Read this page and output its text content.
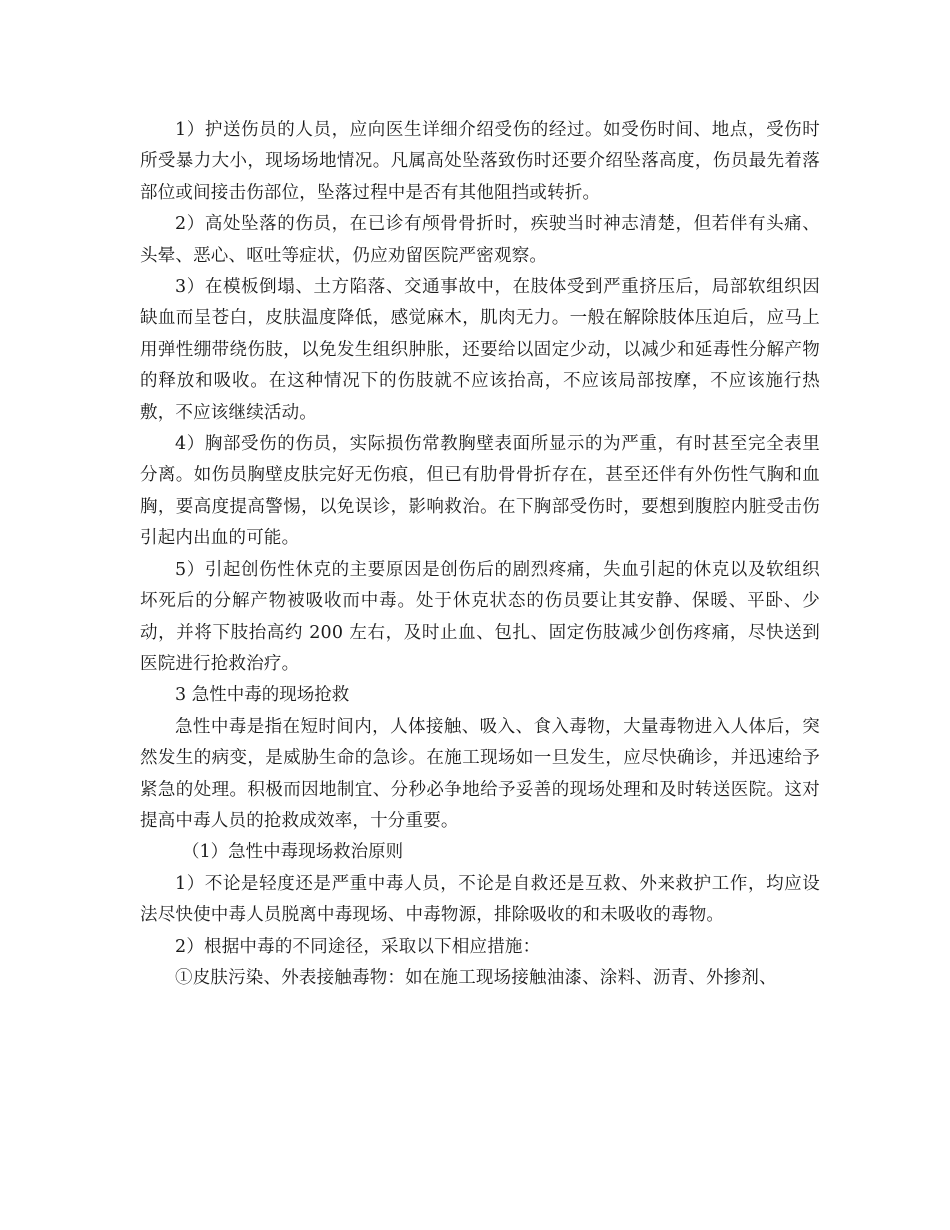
1）护送伤员的人员，应向医生详细介绍受伤的经过。如受伤时间、地点，受伤时所受暴力大小，现场场地情况。凡属高处坠落致伤时还要介绍坠落高度，伤员最先着落部位或间接击伤部位，坠落过程中是否有其他阻挡或转折。

2）高处坠落的伤员，在已诊有颅骨骨折时，疾驶当时神志清楚，但若伴有头痛、头晕、恶心、呕吐等症状，仍应劝留医院严密观察。

3）在模板倒塌、土方陷落、交通事故中，在肢体受到严重挤压后，局部软组织因缺血而呈苍白，皮肤温度降低，感觉麻木，肌肉无力。一般在解除肢体压迫后，应马上用弹性绷带绕伤肢，以免发生组织肿胀，还要给以固定少动，以减少和延毒性分解产物的释放和吸收。在这种情况下的伤肢就不应该抬高，不应该局部按摩，不应该施行热敷，不应该继续活动。

4）胸部受伤的伤员，实际损伤常教胸壁表面所显示的为严重，有时甚至完全表里分离。如伤员胸壁皮肤完好无伤痕，但已有肋骨骨折存在，甚至还伴有外伤性气胸和血胸，要高度提高警惕，以免误诊，影响救治。在下胸部受伤时，要想到腹腔内脏受击伤引起内出血的可能。

5）引起创伤性休克的主要原因是创伤后的剧烈疼痛，失血引起的休克以及软组织坏死后的分解产物被吸收而中毒。处于休克状态的伤员要让其安静、保暖、平卧、少动，并将下肢抬高约 200 左右，及时止血、包扎、固定伤肢减少创伤疼痛，尽快送到医院进行抢救治疗。

3 急性中毒的现场抢救

急性中毒是指在短时间内，人体接触、吸入、食入毒物，大量毒物进入人体后，突然发生的病变，是威胁生命的急诊。在施工现场如一旦发生，应尽快确诊，并迅速给予紧急的处理。积极而因地制宜、分秒必争地给予妥善的现场处理和及时转送医院。这对提高中毒人员的抢救成效率，十分重要。

（1）急性中毒现场救治原则

1）不论是轻度还是严重中毒人员，不论是自救还是互救、外来救护工作，均应设法尽快使中毒人员脱离中毒现场、中毒物源，排除吸收的和未吸收的毒物。

2）根据中毒的不同途径，采取以下相应措施：

①皮肤污染、外表接触毒物：如在施工现场接触油漆、涂料、沥青、外掺剂、
